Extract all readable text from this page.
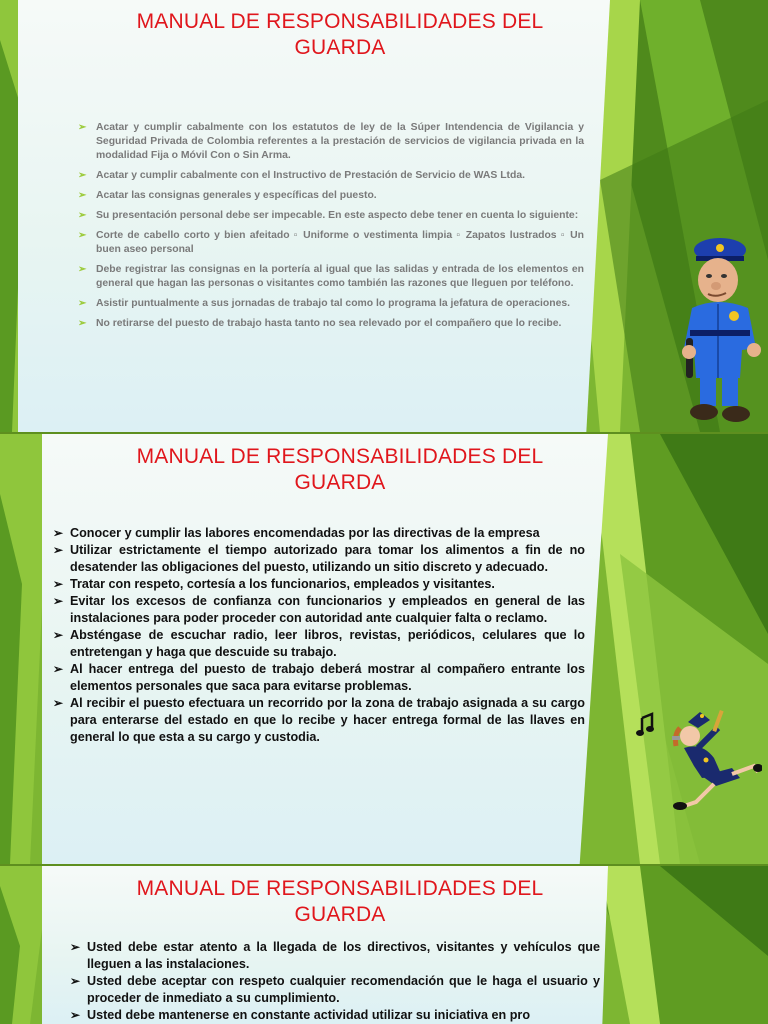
MANUAL DE RESPONSABILIDADES DEL GUARDA
➢ Acatar y cumplir cabalmente con los estatutos de ley de la Súper Intendencia de Vigilancia y Seguridad Privada de Colombia referentes a la prestación de servicios de vigilancia privada en la modalidad Fija o Móvil Con o Sin Arma.
➢ Acatar y cumplir cabalmente con el Instructivo de Prestación de Servicio de WAS Ltda.
➢ Acatar las consignas generales y específicas del puesto.
➢ Su presentación personal debe ser impecable. En este aspecto debe tener en cuenta lo siguiente:
➢ Corte de cabello corto y bien afeitado ▫ Uniforme o vestimenta limpia ▫ Zapatos lustrados ▫ Un buen aseo personal
➢ Debe registrar las consignas en la portería al igual que las salidas y entrada de los elementos en general que hagan las personas o visitantes como también las razones que lleguen por teléfono.
➢ Asistir puntualmente a sus jornadas de trabajo tal como lo programa la jefatura de operaciones.
➢ No retirarse del puesto de trabajo hasta tanto no sea relevado por el compañero que lo recibe.
MANUAL DE RESPONSABILIDADES DEL GUARDA
➢ Conocer y cumplir las labores encomendadas por las directivas de la empresa
➢ Utilizar estrictamente el tiempo autorizado para tomar los alimentos a fin de no desatender las obligaciones del puesto, utilizando un sitio discreto y adecuado.
➢ Tratar con respeto, cortesía a los funcionarios, empleados y visitantes.
➢ Evitar los excesos de confianza con funcionarios y empleados en general de las instalaciones para poder proceder con autoridad ante cualquier falta o reclamo.
➢ Absténgase de escuchar radio, leer libros, revistas, periódicos, celulares que lo entretengan y haga que descuide su trabajo.
➢ Al hacer entrega del puesto de trabajo deberá mostrar al compañero entrante los elementos personales que saca para evitarse problemas.
➢ Al recibir el puesto efectuara un recorrido por la zona de trabajo asignada a su cargo para enterarse del estado en que lo recibe y hacer entrega formal de las llaves en general lo que esta a su cargo y custodia.
MANUAL DE RESPONSABILIDADES DEL GUARDA
➢ Usted debe estar atento a la llegada de los directivos, visitantes y vehículos que lleguen a las instalaciones.
➢ Usted debe aceptar con respeto cualquier recomendación que le haga el usuario y proceder de inmediato a su cumplimiento.
➢ Usted debe mantenerse en constante actividad utilizar su iniciativa en pro
